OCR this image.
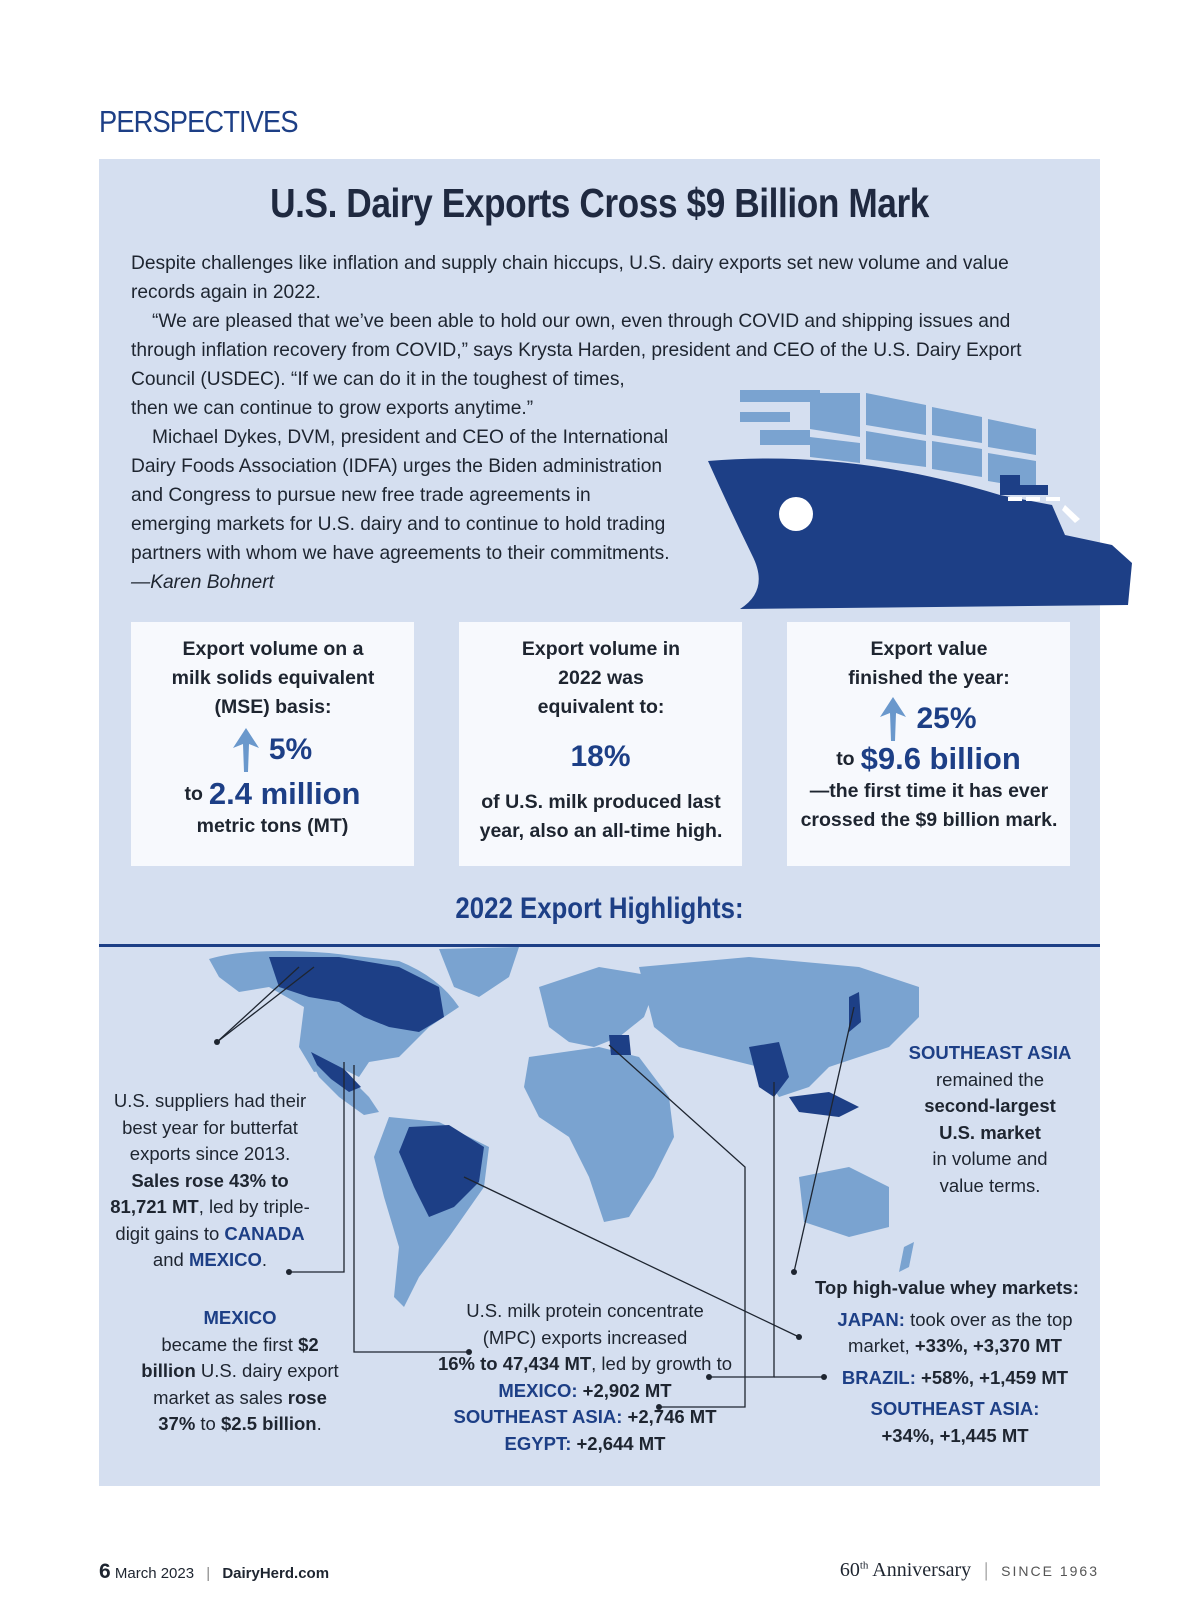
PERSPECTIVES
U.S. Dairy Exports Cross $9 Billion Mark

Despite challenges like inflation and supply chain hiccups, U.S. dairy exports set new volume and value records again in 2022.

“We are pleased that we’ve been able to hold our own, even through COVID and shipping issues and through inflation recovery from COVID,” says Krysta Harden, president and CEO of the U.S. Dairy Export Council (USDEC). “If we can do it in the toughest of times,

then we can continue to grow exports anytime.”

Michael Dykes, DVM, president and CEO of the International Dairy Foods Association (IDFA) urges the Biden administration and Congress to pursue new free trade agreements in emerging markets for U.S. dairy and to continue to hold trading partners with whom we have agreements to their commitments. —Karen Bohnert

Export volume on a milk solids equivalent (MSE) basis:
5%
to 2.4 million
metric tons (MT)
Export volume in 2022 was equivalent to:
18%
of U.S. milk produced last year, also an all-time high.
Export value finished the year:
25%
to $9.6 billion
—the first time it has ever crossed the $9 billion mark.
2022 Export Highlights:
U.S. suppliers had their best year for butterfat exports since 2013. Sales rose 43% to 81,721 MT, led by triple-digit gains to CANADA and MEXICO.
MEXICO
became the first $2 billion U.S. dairy export market as sales rose 37% to $2.5 billion.
U.S. milk protein concentrate (MPC) exports increased
16% to 47,434 MT, led by growth to
MEXICO: +2,902 MT
SOUTHEAST ASIA: +2,746 MT
EGYPT: +2,644 MT
SOUTHEAST ASIA
remained the
second-largest
U.S. market
in volume and
value terms.
Top high-value whey markets:
JAPAN: took over as the top market, +33%, +3,370 MT
BRAZIL: +58%, +1,459 MT
SOUTHEAST ASIA:
+34%, +1,445 MT
6 March 2023 | DairyHerd.com	60th Anniversary | SINCE 1963
